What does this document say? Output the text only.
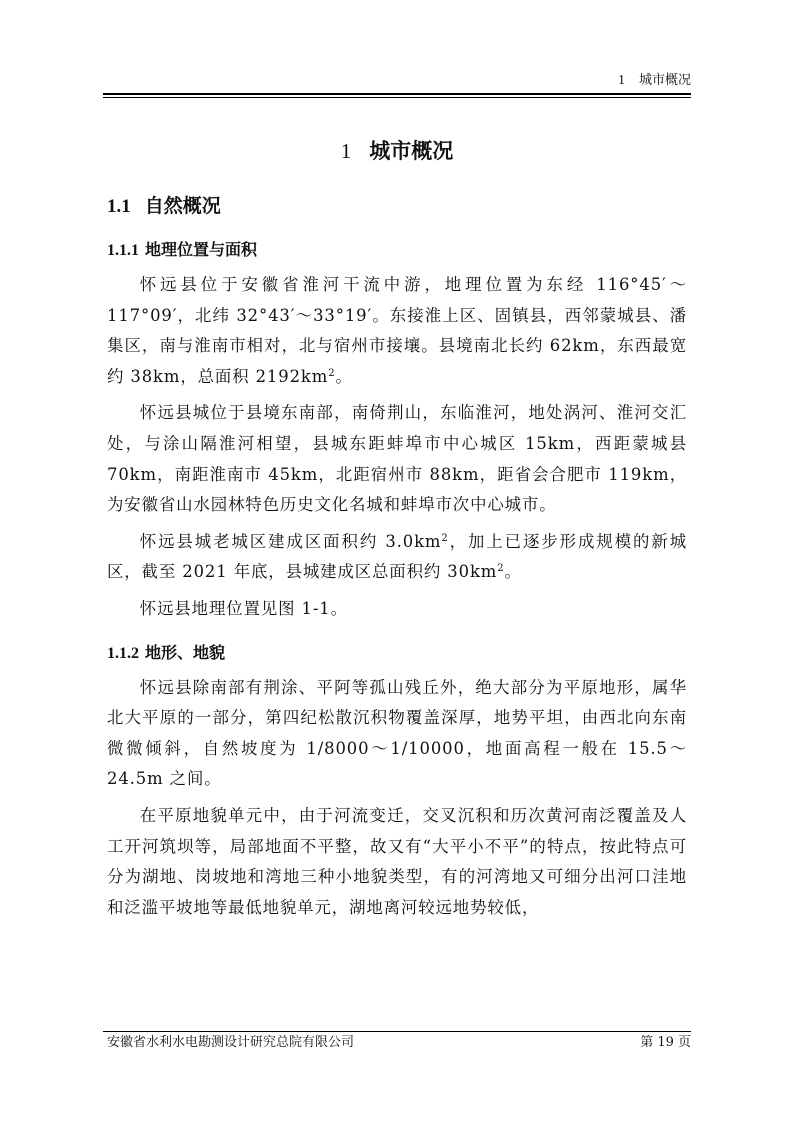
1 城市概况
1 城市概况
1.1 自然概况
1.1.1 地理位置与面积

怀远县位于安徽省淮河干流中游，地理位置为东经 116°45′～117°09′，北纬 32°43′～33°19′。东接淮上区、固镇县，西邻蒙城县、潘集区，南与淮南市相对，北与宿州市接壤。县境南北长约 62km，东西最宽约 38km，总面积 $2192km^2$。

怀远县城位于县境东南部，南倚荆山，东临淮河，地处涡河、淮河交汇处，与涂山隔淮河相望，县城东距蚌埠市中心城区 15km，西距蒙城县 70km，南距淮南市 45km，北距宿州市 88km，距省会合肥市 119km，为安徽省山水园林特色历史文化名城和蚌埠市次中心城市。

怀远县城老城区建成区面积约 $3.0km^2$，加上已逐步形成规模的新城区，截至 2021 年底，县城建成区总面积约 $30km^2$。

怀远县地理位置见图 1-1。

1.1.2 地形、地貌

怀远县除南部有荆涂、平阿等孤山残丘外，绝大部分为平原地形，属华北大平原的一部分，第四纪松散沉积物覆盖深厚，地势平坦，由西北向东南微微倾斜，自然坡度为 1/8000～1/10000，地面高程一般在 15.5～24.5m 之间。

在平原地貌单元中，由于河流变迁，交叉沉积和历次黄河南泛覆盖及人工开河筑坝等，局部地面不平整，故又有“大平小不平”的特点，按此特点可分为湖地、岗坡地和湾地三种小地貌类型，有的河湾地又可细分出河口洼地和泛滥平坡地等最低地貌单元，湖地离河较远地势较低，

安徽省水利水电勘测设计研究总院有限公司	第 19 页
